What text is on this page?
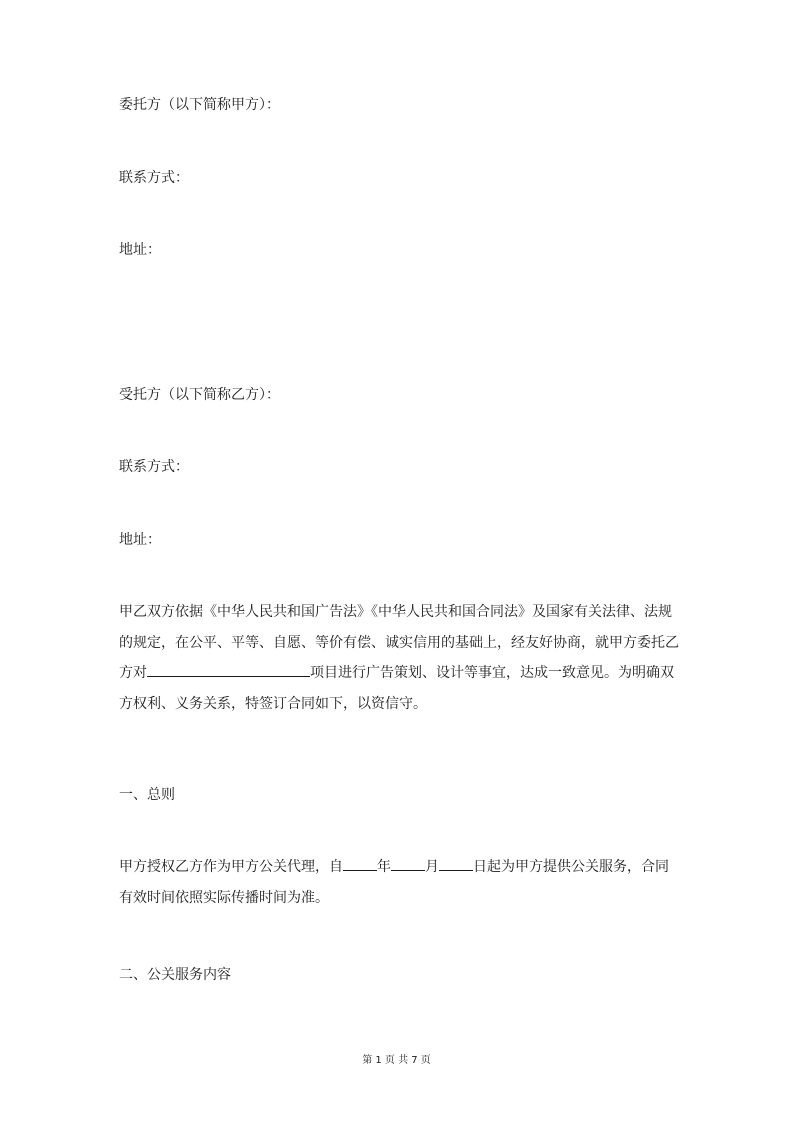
委托方（以下简称甲方）：

联系方式：

地址：

受托方（以下简称乙方）：

联系方式：

地址：

甲乙双方依据《中华人民共和国广告法》《中华人民共和国合同法》及国家有关法律、法规的规定，在公平、平等、自愿、等价有偿、诚实信用的基础上，经友好协商，就甲方委托乙方对	项目进行广告策划、设计等事宜，达成一致意见。为明确双方权利、义务关系，特签订合同如下，以资信守。

一、总则

甲方授权乙方作为甲方公关代理，自 年 月 日起为甲方提供公关服务，合同有效时间依照实际传播时间为准。

二、公关服务内容

第 1 页 共 7 页
